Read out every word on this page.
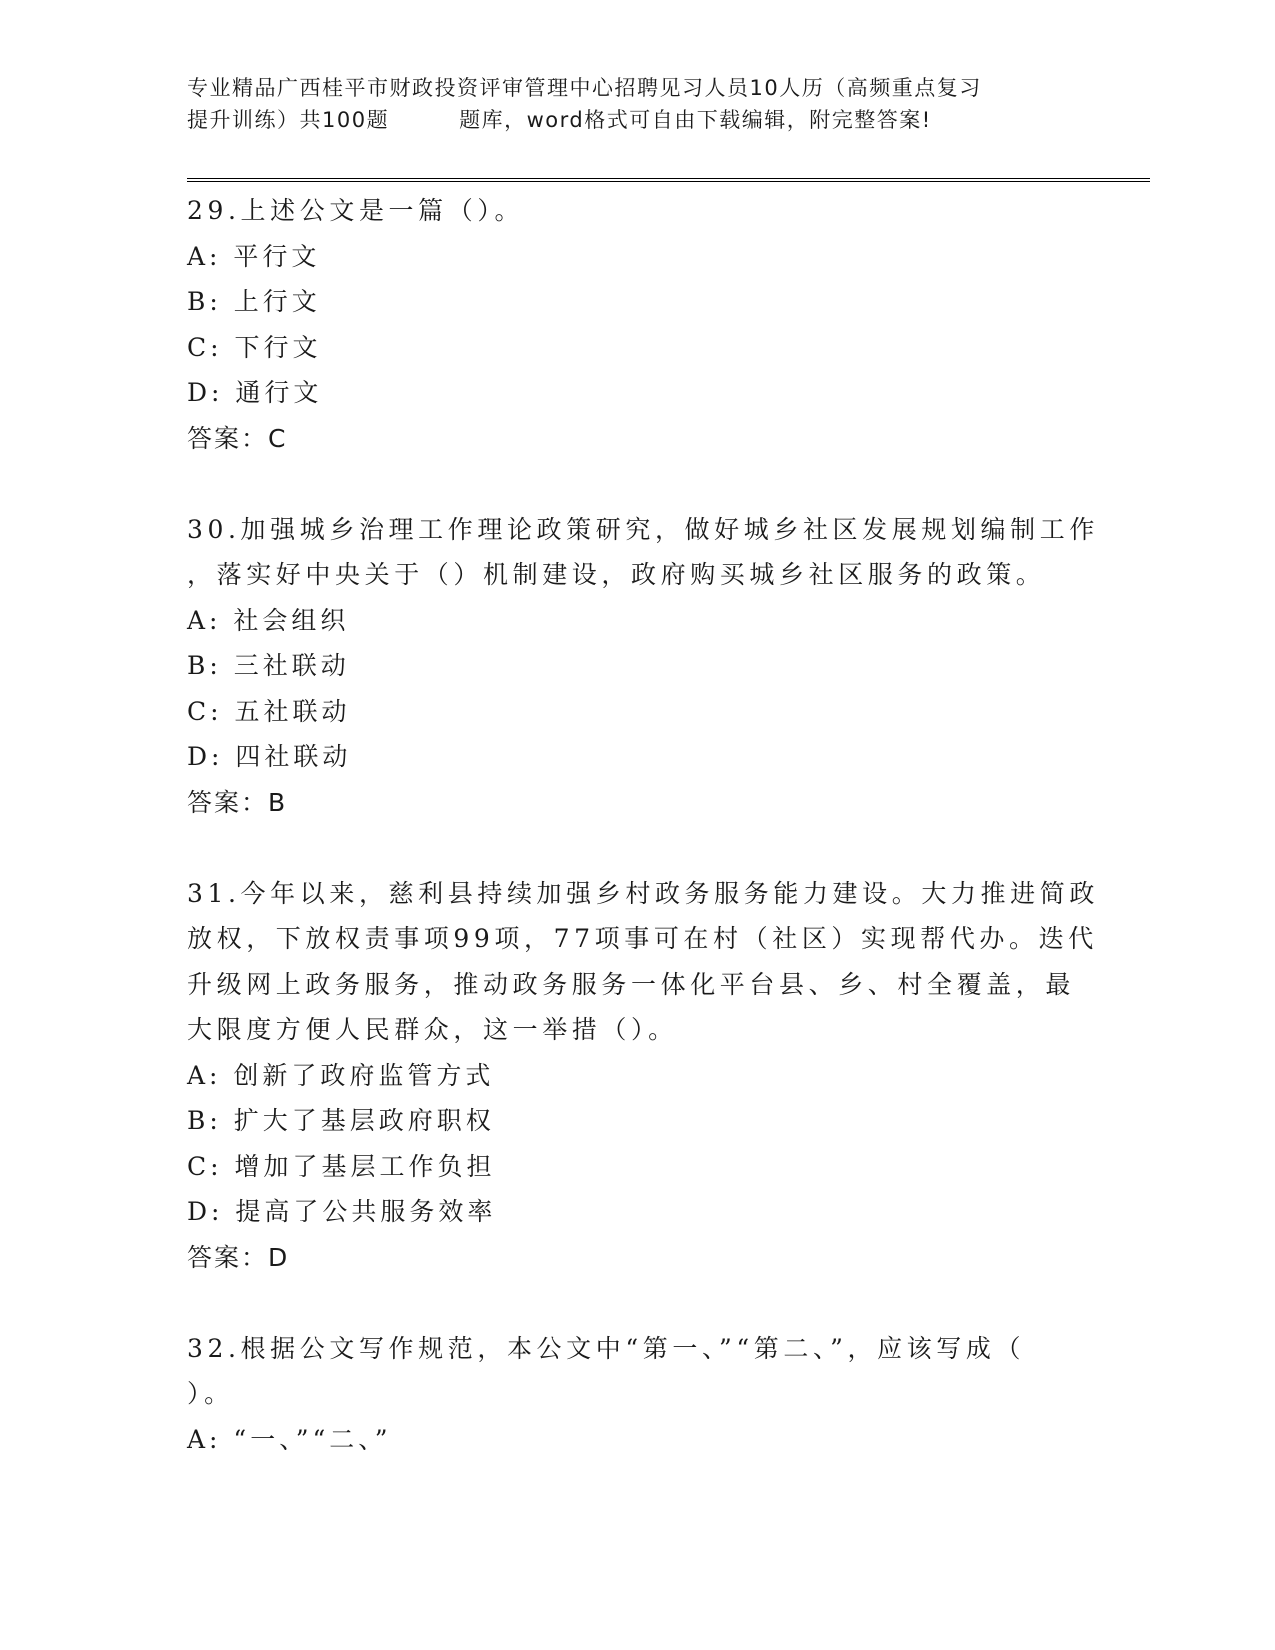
专业精品广西桂平市财政投资评审管理中心招聘见习人员10人历（高频重点复习
提升训练）共100题	题库，word格式可自由下载编辑，附完整答案!
29.上述公文是一篇（）。
A: 平行文
B: 上行文
C: 下行文
D: 通行文
答案：C
30.加强城乡治理工作理论政策研究，做好城乡社区发展规划编制工作
，落实好中央关于（）机制建设，政府购买城乡社区服务的政策。
A: 社会组织
B: 三社联动
C: 五社联动
D: 四社联动
答案：B
31.今年以来，慈利县持续加强乡村政务服务能力建设。大力推进简政
放权，下放权责事项99项，77项事可在村（社区）实现帮代办。迭代
升级网上政务服务，推动政务服务一体化平台县、乡、村全覆盖，最
大限度方便人民群众，这一举措（）。
A: 创新了政府监管方式
B: 扩大了基层政府职权
C: 增加了基层工作负担
D: 提高了公共服务效率
答案：D
32.根据公文写作规范，本公文中“第一、”“第二、”，应该写成（
）。
A: “一、”“二、”
